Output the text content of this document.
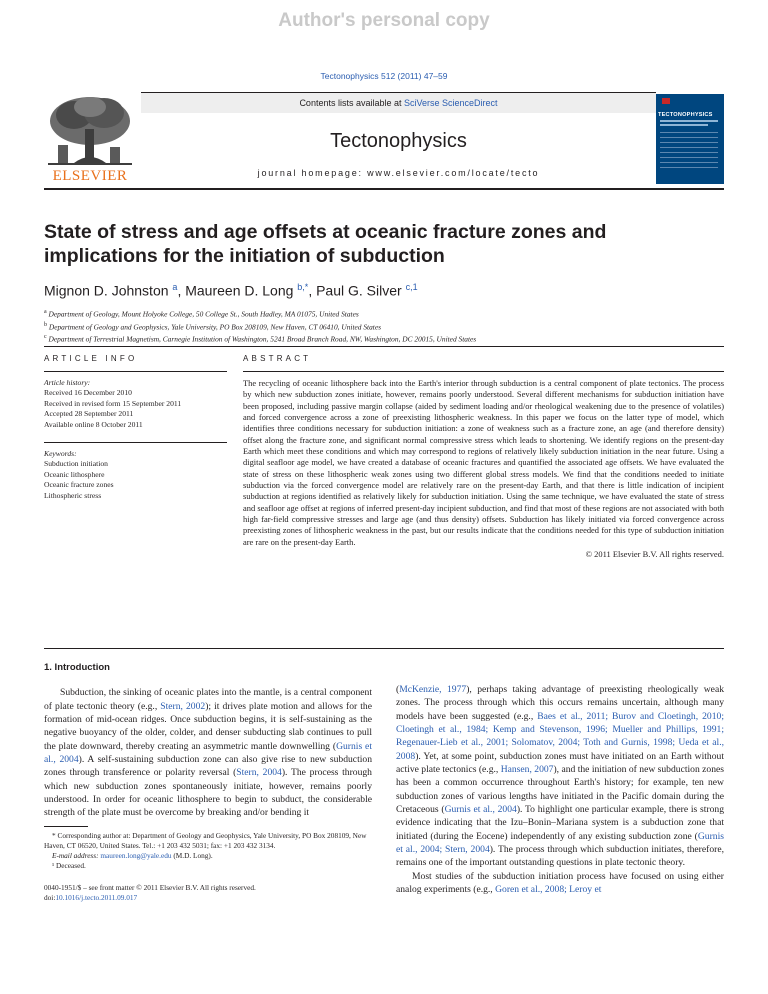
Author's personal copy
Tectonophysics 512 (2011) 47–59
ELSEVIER
Contents lists available at SciVerse ScienceDirect
Tectonophysics
journal homepage: www.elsevier.com/locate/tecto
TECTONOPHYSICS
State of stress and age offsets at oceanic fracture zones and implications for the initiation of subduction
Mignon D. Johnston $^a$, Maureen D. Long $^{b,*}$, Paul G. Silver $^{c,1}$
$^a$ Department of Geology, Mount Holyoke College, 50 College St., South Hadley, MA 01075, United States
$^b$ Department of Geology and Geophysics, Yale University, PO Box 208109, New Haven, CT 06410, United States
$^c$ Department of Terrestrial Magnetism, Carnegie Institution of Washington, 5241 Broad Branch Road, NW, Washington, DC 20015, United States
ARTICLE INFO	ABSTRACT
Article history:
Received 16 December 2010
Received in revised form 15 September 2011
Accepted 28 September 2011
Available online 8 October 2011
Keywords:
Subduction initiation
Oceanic lithosphere
Oceanic fracture zones
Lithospheric stress

The recycling of oceanic lithosphere back into the Earth's interior through subduction is a central component of plate tectonics. The process by which new subduction zones initiate, however, remains poorly understood. Several different mechanisms for subduction initiation have been proposed, including passive margin collapse (aided by sediment loading and/or rheological weakening due to the presence of volatiles) and forced convergence across a zone of preexisting lithospheric weakness. In this paper we focus on the latter type of model, which identifies three conditions necessary for subduction initiation: a zone of weakness such as a fracture zone, an age (and therefore density) offset along the fracture zone, and significant normal compressive stress which leads to shortening. We identify regions on the present-day Earth which meet these conditions and which may correspond to regions of relatively likely subduction initiation in the near future. Using a digital seafloor age model, we have created a database of oceanic fractures and quantified the associated age offsets. We have evaluated the state of stress on these lithospheric weak zones using two different global stress models. We find that the conditions needed to initiate subduction via the forced convergence model are relatively rare on the present-day Earth, and that there is little indication of incipient subduction at regions identified as relatively likely for subduction initiation. Using the same technique, we have evaluated the state of stress and seafloor age offset at regions of inferred present-day incipient subduction, and find that most of these regions are not associated with both high far-field compressive stresses and large age (and thus density) offsets. Subduction has likely initiated via forced convergence across preexisting zones of lithospheric weakness in the past, but our results indicate that the conditions needed for this type of subduction initiation are rare on the present-day Earth.

© 2011 Elsevier B.V. All rights reserved.

1. Introduction

Subduction, the sinking of oceanic plates into the mantle, is a central component of plate tectonic theory (e.g., Stern, 2002); it drives plate motion and allows for the formation of mid-ocean ridges. Once subduction begins, it is self-sustaining as the negative buoyancy of the older, colder, and denser subducting slab continues to pull the plate downward, thereby creating an asymmetric mantle downwelling (Gurnis et al., 2004). A self-sustaining subduction zone can also give rise to new subduction zones through transference or polarity reversal (Stern, 2004). The process through which new subduction zones spontaneously initiate, however, remains poorly understood. In order for oceanic lithosphere to begin to subduct, the considerable strength of the plate must be overcome by breaking and/or bending it

* Corresponding author at: Department of Geology and Geophysics, Yale University, PO Box 208109, New Haven, CT 06520, United States. Tel.: +1 203 432 5031; fax: +1 203 432 3134.

E-mail address: maureen.long@yale.edu (M.D. Long).

¹ Deceased.

0040-1951/$ – see front matter © 2011 Elsevier B.V. All rights reserved.
doi:10.1016/j.tecto.2011.09.017

(McKenzie, 1977), perhaps taking advantage of preexisting rheologically weak zones. The process through which this occurs remains uncertain, although many models have been suggested (e.g., Baes et al., 2011; Burov and Cloetingh, 2010; Cloetingh et al., 1984; Kemp and Stevenson, 1996; Mueller and Phillips, 1991; Regenauer-Lieb et al., 2001; Solomatov, 2004; Toth and Gurnis, 1998; Ueda et al., 2008). Yet, at some point, subduction zones must have initiated on an Earth without active plate tectonics (e.g., Hansen, 2007), and the initiation of new subduction zones has been a common occurrence throughout Earth's history; for example, ten new subduction zones of various lengths have initiated in the Pacific domain during the Cretaceous (Gurnis et al., 2004). To highlight one particular example, there is strong evidence indicating that the Izu–Bonin–Mariana system is a subduction zone that initiated (during the Eocene) independently of any existing subduction zone (Gurnis et al., 2004; Stern, 2004). The process through which subduction initiates, therefore, remains one of the important outstanding questions in plate tectonic theory.

Most studies of the subduction initiation process have focused on using either analog experiments (e.g., Goren et al., 2008; Leroy et
